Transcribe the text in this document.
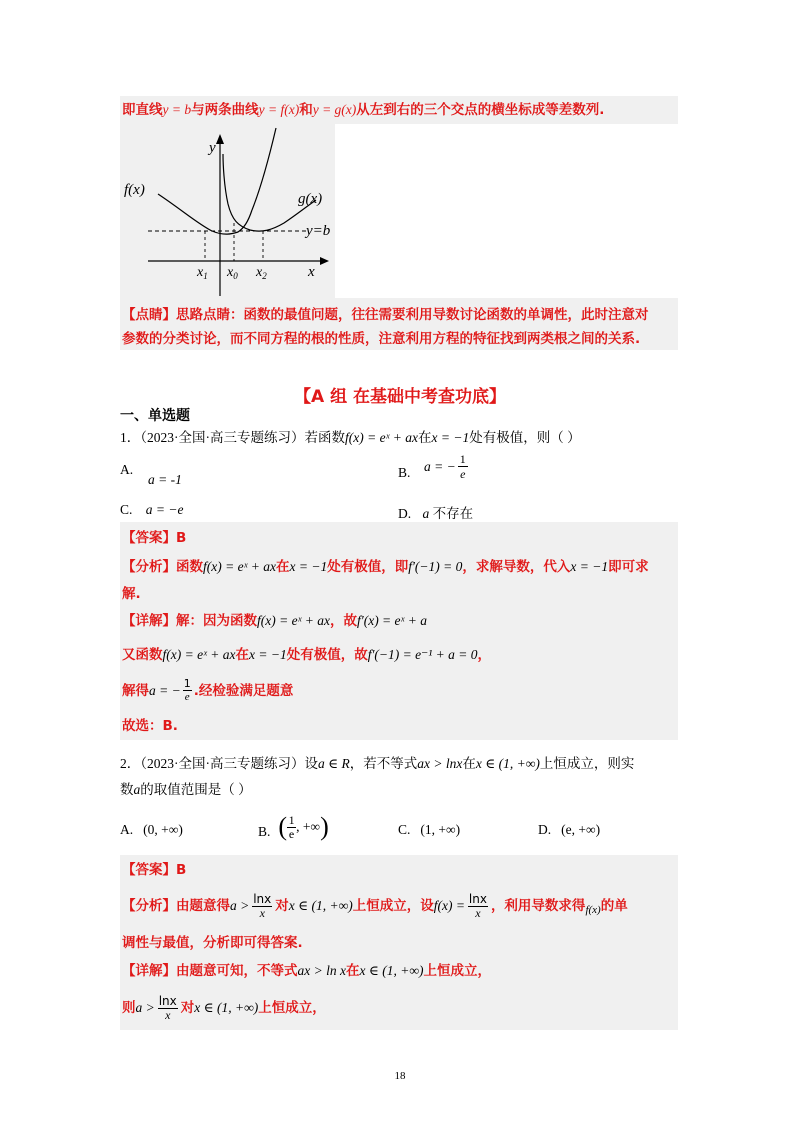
即直线y = b与两条曲线y = f(x)和y = g(x)从左到右的三个交点的横坐标成等差数列.
y
x
f(x)
g(x)
y=b
$x_1$ $x_0$ $x_2$
【点睛】思路点睛：函数的最值问题，往往需要利用导数讨论函数的单调性，此时注意对
参数的分类讨论，而不同方程的根的性质，注意利用方程的特征找到两类根之间的关系.
【A 组 在基础中考查功底】
一、单选题
1．（2023·全国·高三专题练习）若函数f(x) = eˣ + ax在x = −1处有极值，则（ ）
A.
a = -1	B. a = − 1
e
C. a = −e	D. a 不存在
【答案】B
【分析】函数f(x) = eˣ + ax在x = −1处有极值，即f′(−1) = 0，求解导数，代入x = −1即可求
解.
【详解】解：因为函数f(x) = eˣ + ax，故f′(x) = eˣ + a
又函数f(x) = eˣ + ax在x = −1处有极值，故f′(−1) = e⁻¹ + a = 0，
解得 a = − 1
e .经检验满足题意
故选：B.
2．（2023·全国·高三专题练习）设a ∈ R，若不等式ax > lnx在x ∈ (1, +∞)上恒成立，则实
数a的取值范围是（ ）
A. (0, +∞)	B. ( 1
e , +∞ )	C. (1, +∞)	D. (e, +∞)
【答案】B
【分析】由题意得 a > lnx
x 对 x ∈ (1, +∞) 上恒成立，设 f(x) = lnx
x ，利用导数求得 f(x) 的单
调性与最值，分析即可得答案.
【详解】由题意可知，不等式ax > ln x在x ∈ (1, +∞)上恒成立，
则 a > lnx
x 对 x ∈ (1, +∞) 上恒成立，
18
